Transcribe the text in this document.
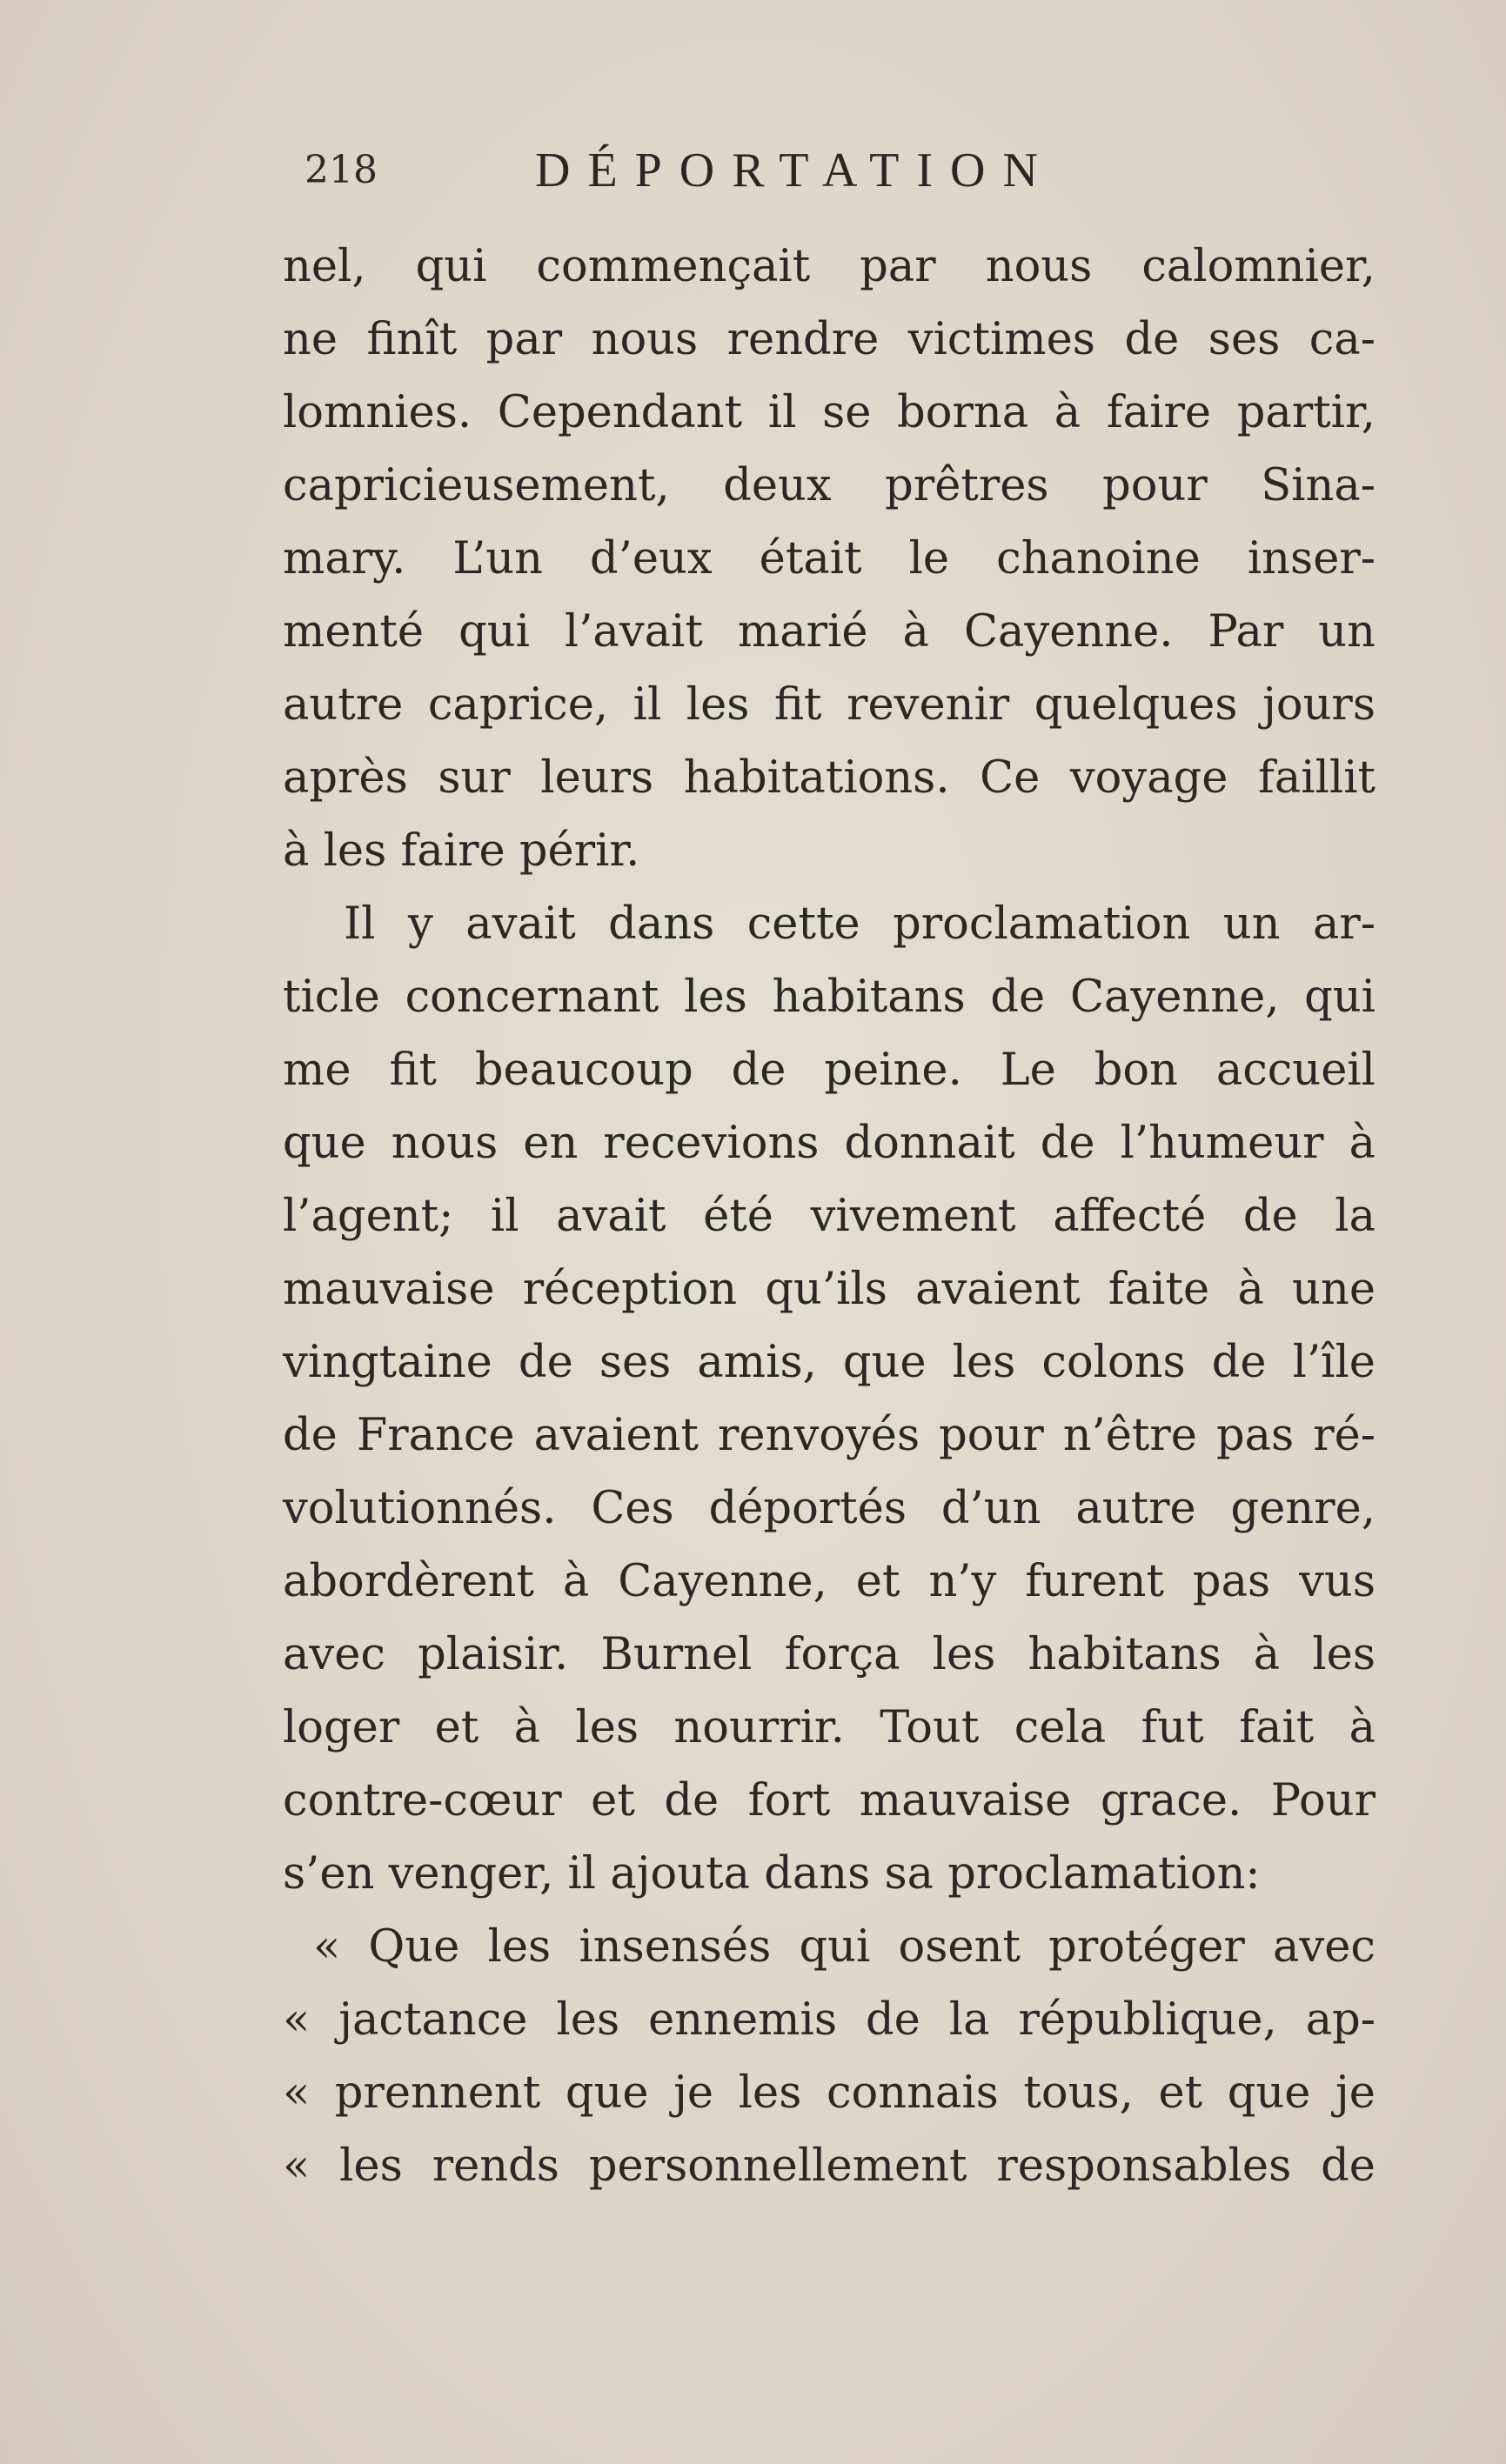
218	DÉPORTATION
nel, qui commençait par nous calomnier,
ne finît par nous rendre victimes de ses ca-
lomnies. Cependant il se borna à faire partir,
capricieusement, deux prêtres pour Sina-
mary. L’un d’eux était le chanoine inser-
menté qui l’avait marié à Cayenne. Par un
autre caprice, il les fit revenir quelques jours
après sur leurs habitations. Ce voyage faillit
à les faire périr.
Il y avait dans cette proclamation un ar-
ticle concernant les habitans de Cayenne, qui
me fit beaucoup de peine. Le bon accueil
que nous en recevions donnait de l’humeur à
l’agent; il avait été vivement affecté de la
mauvaise réception qu’ils avaient faite à une
vingtaine de ses amis, que les colons de l’île
de France avaient renvoyés pour n’être pas ré-
volutionnés. Ces déportés d’un autre genre,
abordèrent à Cayenne, et n’y furent pas vus
avec plaisir. Burnel força les habitans à les
loger et à les nourrir. Tout cela fut fait à
contre-cœur et de fort mauvaise grace. Pour
s’en venger, il ajouta dans sa proclamation:
« Que les insensés qui osent protéger avec
« jactance les ennemis de la république, ap-
« prennent que je les connais tous, et que je
« les rends personnellement responsables de
